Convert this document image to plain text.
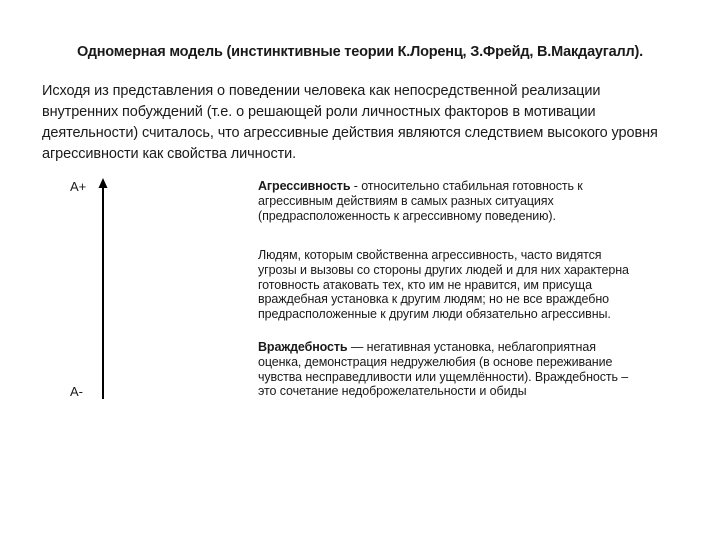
Одномерная модель (инстинктивные теории К.Лоренц, З.Фрейд, В.Макдаугалл).
Исходя из представления о поведении человека как непосредственной реализации
внутренних побуждений (т.е. о решающей роли личностных факторов в мотивации
деятельности) считалось, что агрессивные действия являются следствием высокого уровня
агрессивности как свойства личности.
А+
А-
Агрессивность - относительно стабильная готовность к
агрессивным действиям в самых разных ситуациях
(предрасположенность к агрессивному поведению).
Людям, которым свойственна агрессивность, часто видятся
угрозы и вызовы со стороны других людей и для них характерна
готовность атаковать тех, кто им не нравится, им присуща
враждебная установка к другим людям; но не все враждебно
предрасположенные к другим люди обязательно агрессивны.
Враждебность — негативная установка, неблагоприятная
оценка, демонстрация недружелюбия (в основе переживание
чувства несправедливости или ущемлённости). Враждебность –
это сочетание недоброжелательности и обиды
